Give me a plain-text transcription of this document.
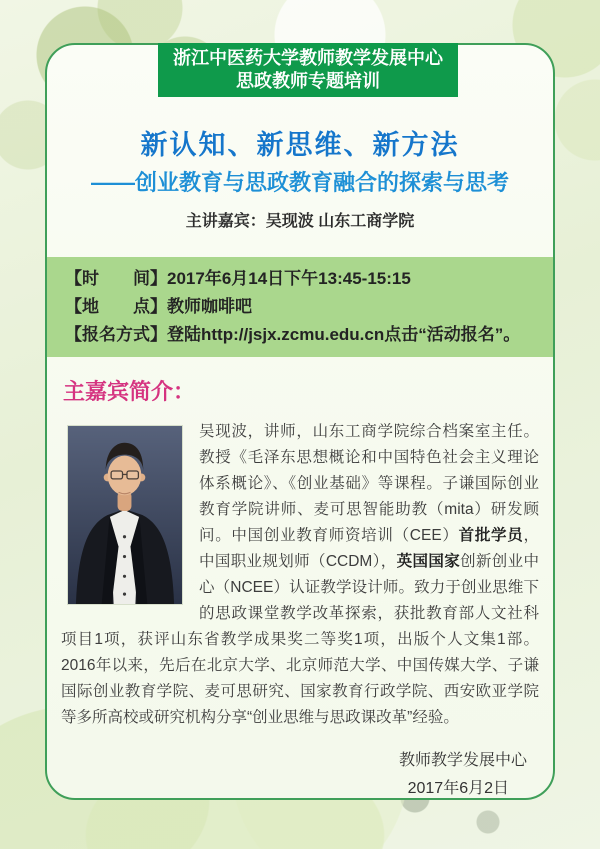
浙江中医药大学教师教学发展中心
思政教师专题培训
新认知、新思维、新方法
——创业教育与思政教育融合的探索与思考
主讲嘉宾：吴现波 山东工商学院
【时　　间】2017年6月14日下午13:45-15:15
【地　　点】教师咖啡吧
【报名方式】登陆http://jsjx.zcmu.edu.cn点击“活动报名”。
主嘉宾简介：
吴现波，讲师，山东工商学院综合档案室主任。教授《毛泽东思想概论和中国特色社会主义理论体系概论》、《创业基础》等课程。子谦国际创业教育学院讲师、麦可思智能助教（mita）研发顾问。中国创业教育师资培训（CEE）首批学员，中国职业规划师（CCDM），英国国家创新创业中心（NCEE）认证教学设计师。致力于创业思维下的思政课堂教学改革探索，获批教育部人文社科项目1项，获评山东省教学成果奖二等奖1项，出版个人文集1部。2016年以来，先后在北京大学、北京师范大学、中国传媒大学、子谦国际创业教育学院、麦可思研究、国家教育行政学院、西安欧亚学院等多所高校或研究机构分享“创业思维与思政课改革”经验。
教师教学发展中心
2017年6月2日
